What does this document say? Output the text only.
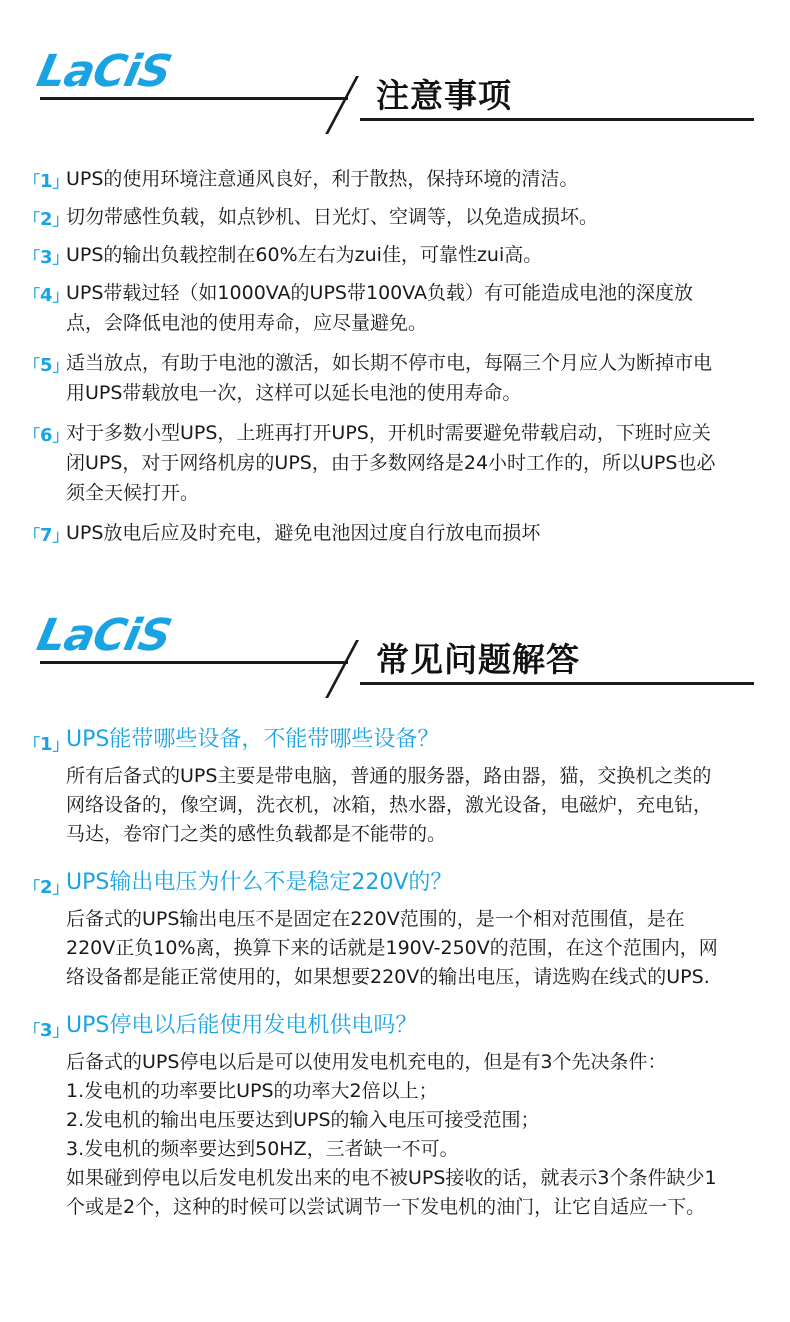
LaCiS	注意事项
「1」
UPS的使用环境注意通风良好，利于散热，保持环境的清洁。
「2」
切勿带感性负载，如点钞机、日光灯、空调等，以免造成损坏。
「3」
UPS的输出负载控制在60%左右为zui佳，可靠性zui高。
「4」
UPS带载过轻（如1000VA的UPS带100VA负载）有可能造成电池的深度放点，会降低电池的使用寿命，应尽量避免。
「5」
适当放点，有助于电池的激活，如长期不停市电，每隔三个月应人为断掉市电用UPS带载放电一次，这样可以延长电池的使用寿命。
「6」
对于多数小型UPS，上班再打开UPS，开机时需要避免带载启动，下班时应关闭UPS，对于网络机房的UPS，由于多数网络是24小时工作的，所以UPS也必须全天候打开。
「7」
UPS放电后应及时充电，避免电池因过度自行放电而损坏
LaCiS	常见问题解答
「1」
UPS能带哪些设备，不能带哪些设备？

所有后备式的UPS主要是带电脑，普通的服务器，路由器，猫，交换机之类的网络设备的，像空调，洗衣机，冰箱，热水器，激光设备，电磁炉，充电钻，马达，卷帘门之类的感性负载都是不能带的。

「2」
UPS输出电压为什么不是稳定220V的？

后备式的UPS输出电压不是固定在220V范围的，是一个相对范围值，是在220V正负10%离，换算下来的话就是190V-250V的范围，在这个范围内，网络设备都是能正常使用的，如果想要220V的输出电压，请选购在线式的UPS.

「3」
UPS停电以后能使用发电机供电吗？

后备式的UPS停电以后是可以使用发电机充电的，但是有3个先决条件：

1.发电机的功率要比UPS的功率大2倍以上；

2.发电机的输出电压要达到UPS的输入电压可接受范围；

3.发电机的频率要达到50HZ，三者缺一不可。

如果碰到停电以后发电机发出来的电不被UPS接收的话，就表示3个条件缺少1个或是2个，这种的时候可以尝试调节一下发电机的油门，让它自适应一下。
